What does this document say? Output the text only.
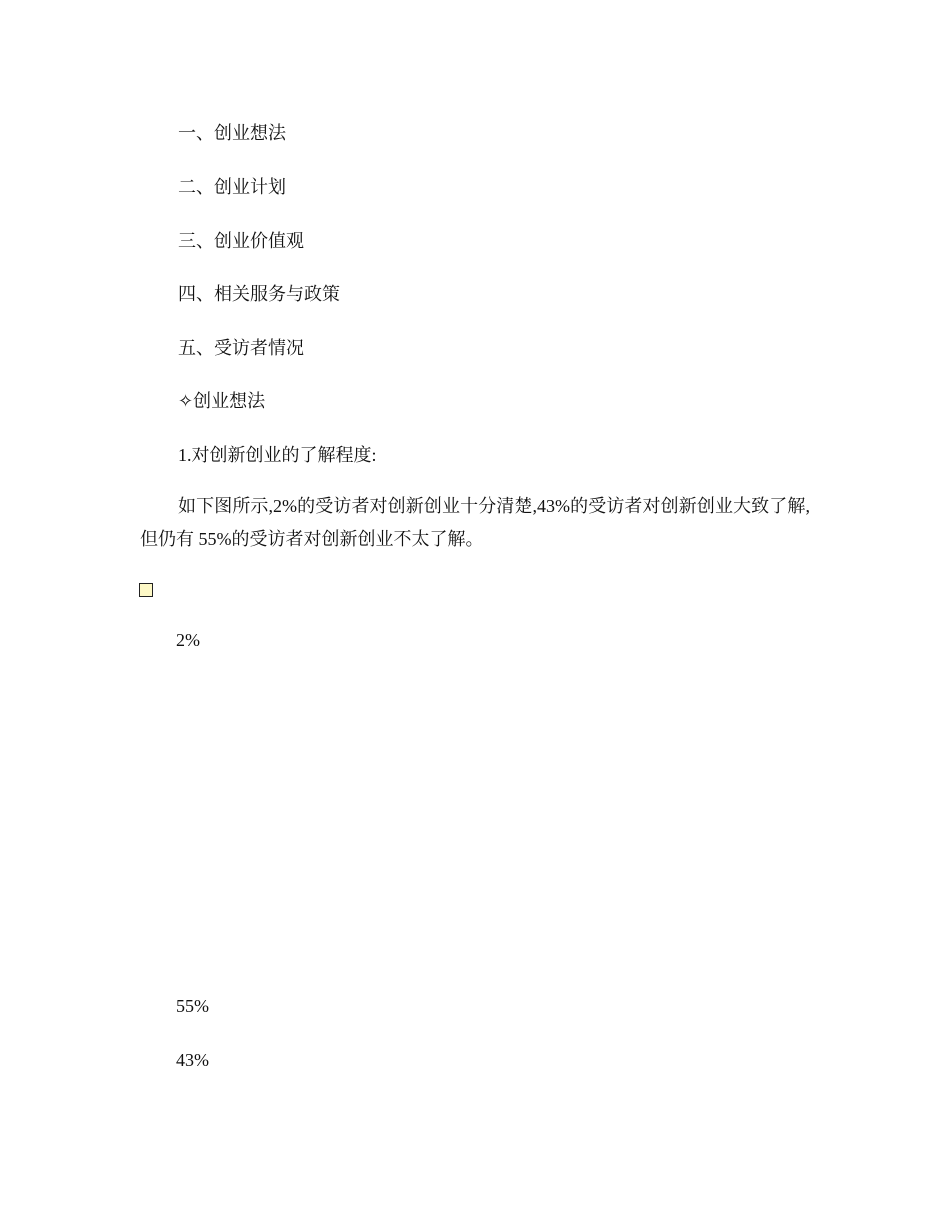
一、创业想法
二、创业计划
三、创业价值观
四、相关服务与政策
五、受访者情况
✧创业想法
1.对创新创业的了解程度:
如下图所示,2%的受访者对创新创业十分清楚,43%的受访者对创新创业大致了解,但仍有 55%的受访者对创新创业不太了解。
2%
55%
43%
